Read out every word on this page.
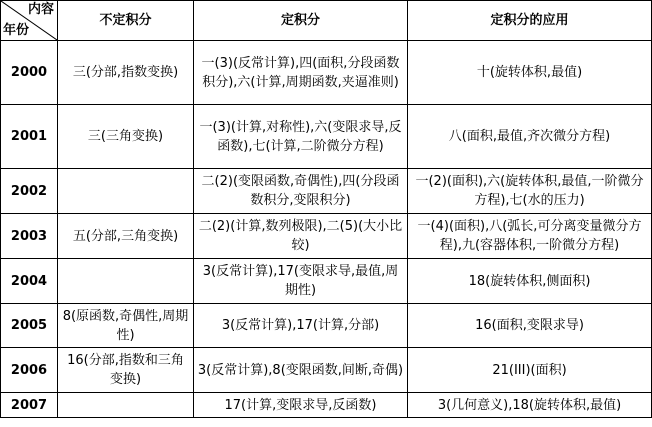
内容
年份	不定积分	定积分	定积分的应用
2000	三(分部,指数变换)	一(3)(反常计算),四(面积,分段函数积分),六(计算,周期函数,夹逼准则)	十(旋转体积,最值)
2001	三(三角变换)	一(3)(计算,对称性),六(变限求导,反函数),七(计算,二阶微分方程)	八(面积,最值,齐次微分方程)
2002		二(2)(变限函数,奇偶性),四(分段函数积分,变限积分)	一(2)(面积),六(旋转体积,最值,一阶微分方程),七(水的压力)
2003	五(分部,三角变换)	二(2)(计算,数列极限),二(5)(大小比较)	一(4)(面积),八(弧长,可分离变量微分方程),九(容器体积,一阶微分方程)
2004		3(反常计算),17(变限求导,最值,周期性)	18(旋转体积,侧面积)
2005	8(原函数,奇偶性,周期性)	3(反常计算),17(计算,分部)	16(面积,变限求导)
2006	16(分部,指数和三角变换)	3(反常计算),8(变限函数,间断,奇偶)	21(III)(面积)
2007		17(计算,变限求导,反函数)	3(几何意义),18(旋转体积,最值)
